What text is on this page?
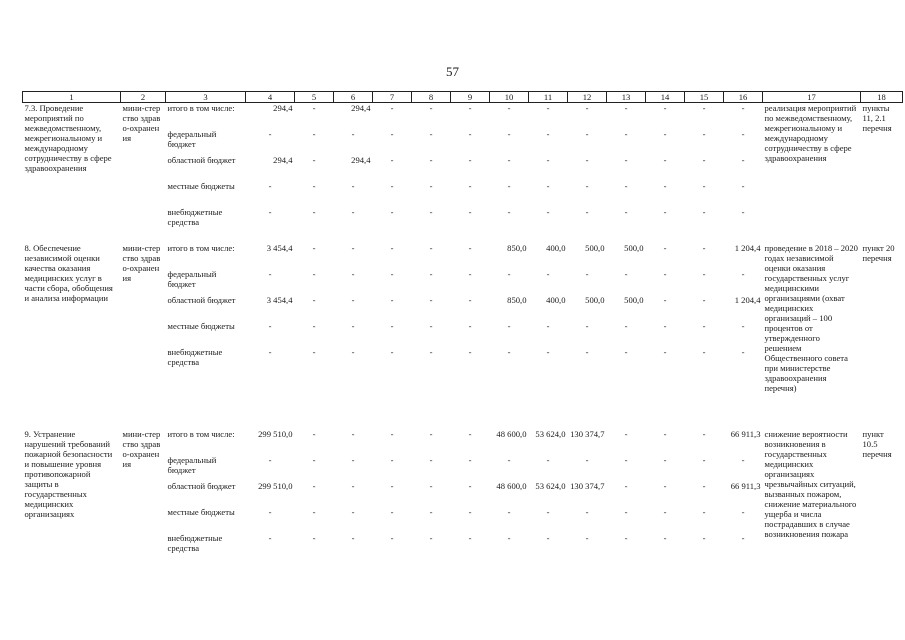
57
1	2	3	4	5	6	7	8	9	10	11	12	13	14	15	16	17	18
7.3. Проведение мероприятий по межведомственному, межрегиональному и международному сотрудничеству в сфере здравоохранения	мини-стерство здраво-охранения	итого в том числе:	294,4	-	294,4	-	-	-	-	-	-	-	-	-	-	реализация мероприятий по межведомственному, межрегиональному и международному сотрудничеству в сфере здравоохранения	пункты 11, 2.1 перечня
		федеральный бюджет	-	-	-	-	-	-	-	-	-	-	-	-	-		
		областной бюджет	294,4	-	294,4	-	-	-	-	-	-	-	-	-	-		
		местные бюджеты	-	-	-	-	-	-	-	-	-	-	-	-	-		
		внебюджетные средства	-	-	-	-	-	-	-	-	-	-	-	-	-		
8. Обеспечение независимой оценки качества оказания медицинских услуг в части сбора, обобщения и анализа информации	мини-стерство здраво-охранения	итого в том числе:	3 454,4	-	-	-	-	-	850,0	400,0	500,0	500,0	-	-	1 204,4	проведение в 2018 – 2020 годах независимой оценки оказания государственных услуг медицинскими организациями (охват медицинских организаций – 100 процентов от утвержденного решением Общественного совета при министерстве здравоохранения перечня)	пункт 20 перечня
		федеральный бюджет	-	-	-	-	-	-	-	-	-	-	-	-	-		
		областной бюджет	3 454,4	-	-	-	-	-	850,0	400,0	500,0	500,0	-	-	1 204,4		
		местные бюджеты	-	-	-	-	-	-	-	-	-	-	-	-	-		
		внебюджетные средства	-	-	-	-	-	-	-	-	-	-	-	-	-		
9. Устранение нарушений требований пожарной безопасности и повышение уровня противопожарной защиты в государственных медицинских организациях	мини-стерство здраво-охранения	итого в том числе:	299 510,0	-	-	-	-	-	48 600,0	53 624,0	130 374,7	-	-	-	66 911,3	снижение вероятности возникновения в государственных медицинских организациях чрезвычайных ситуаций, вызванных пожаром, снижение материального ущерба и числа пострадавших в случае возникновения пожара	пункт 10.5 перечня
		федеральный бюджет	-	-	-	-	-	-	-	-	-	-	-	-	-		
		областной бюджет	299 510,0	-	-	-	-	-	48 600,0	53 624,0	130 374,7	-	-	-	66 911,3		
		местные бюджеты	-	-	-	-	-	-	-	-	-	-	-	-	-		
		внебюджетные средства	-	-	-	-	-	-	-	-	-	-	-	-	-		
